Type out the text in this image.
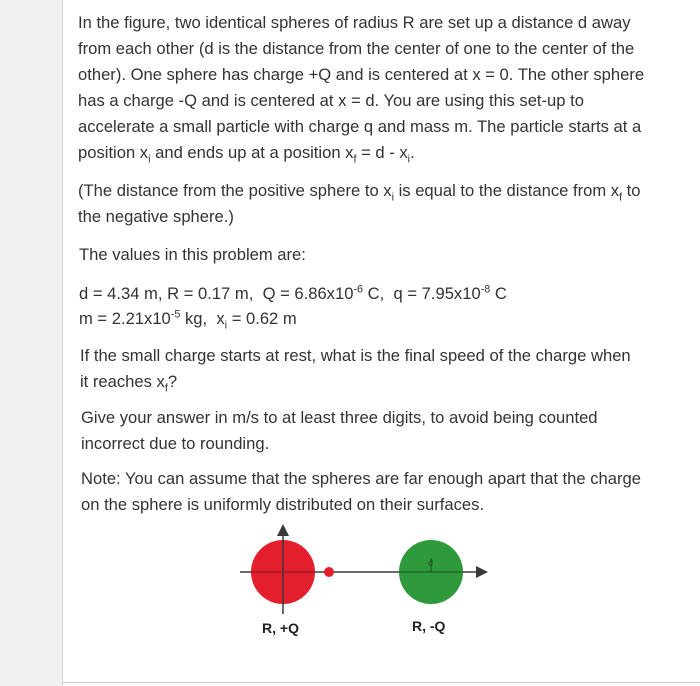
In the figure, two identical spheres of radius R are set up a distance d away from each other (d is the distance from the center of one to the center of the other). One sphere has charge +Q and is centered at x = 0. The other sphere has a charge -Q and is centered at x = d. You are using this set-up to accelerate a small particle with charge q and mass m. The particle starts at a position $x_i$ and ends up at a position $x_f = d - x_i$.

(The distance from the positive sphere to $x_i$ is equal to the distance from $x_f$ to the negative sphere.)

The values in this problem are:

d = 4.34 m, R = 0.17 m, $Q = 6.86x10^{-6}$ C, $q = 7.95x10^{-8}$ C

$m = 2.21x10^{-5}$ kg, $x_i = 0.62$ m

If the small charge starts at rest, what is the final speed of the charge when it reaches $x_f$?

Give your answer in m/s to at least three digits, to avoid being counted incorrect due to rounding.

Note: You can assume that the spheres are far enough apart that the charge on the sphere is uniformly distributed on their surfaces.

d
R, +Q	R, -Q
